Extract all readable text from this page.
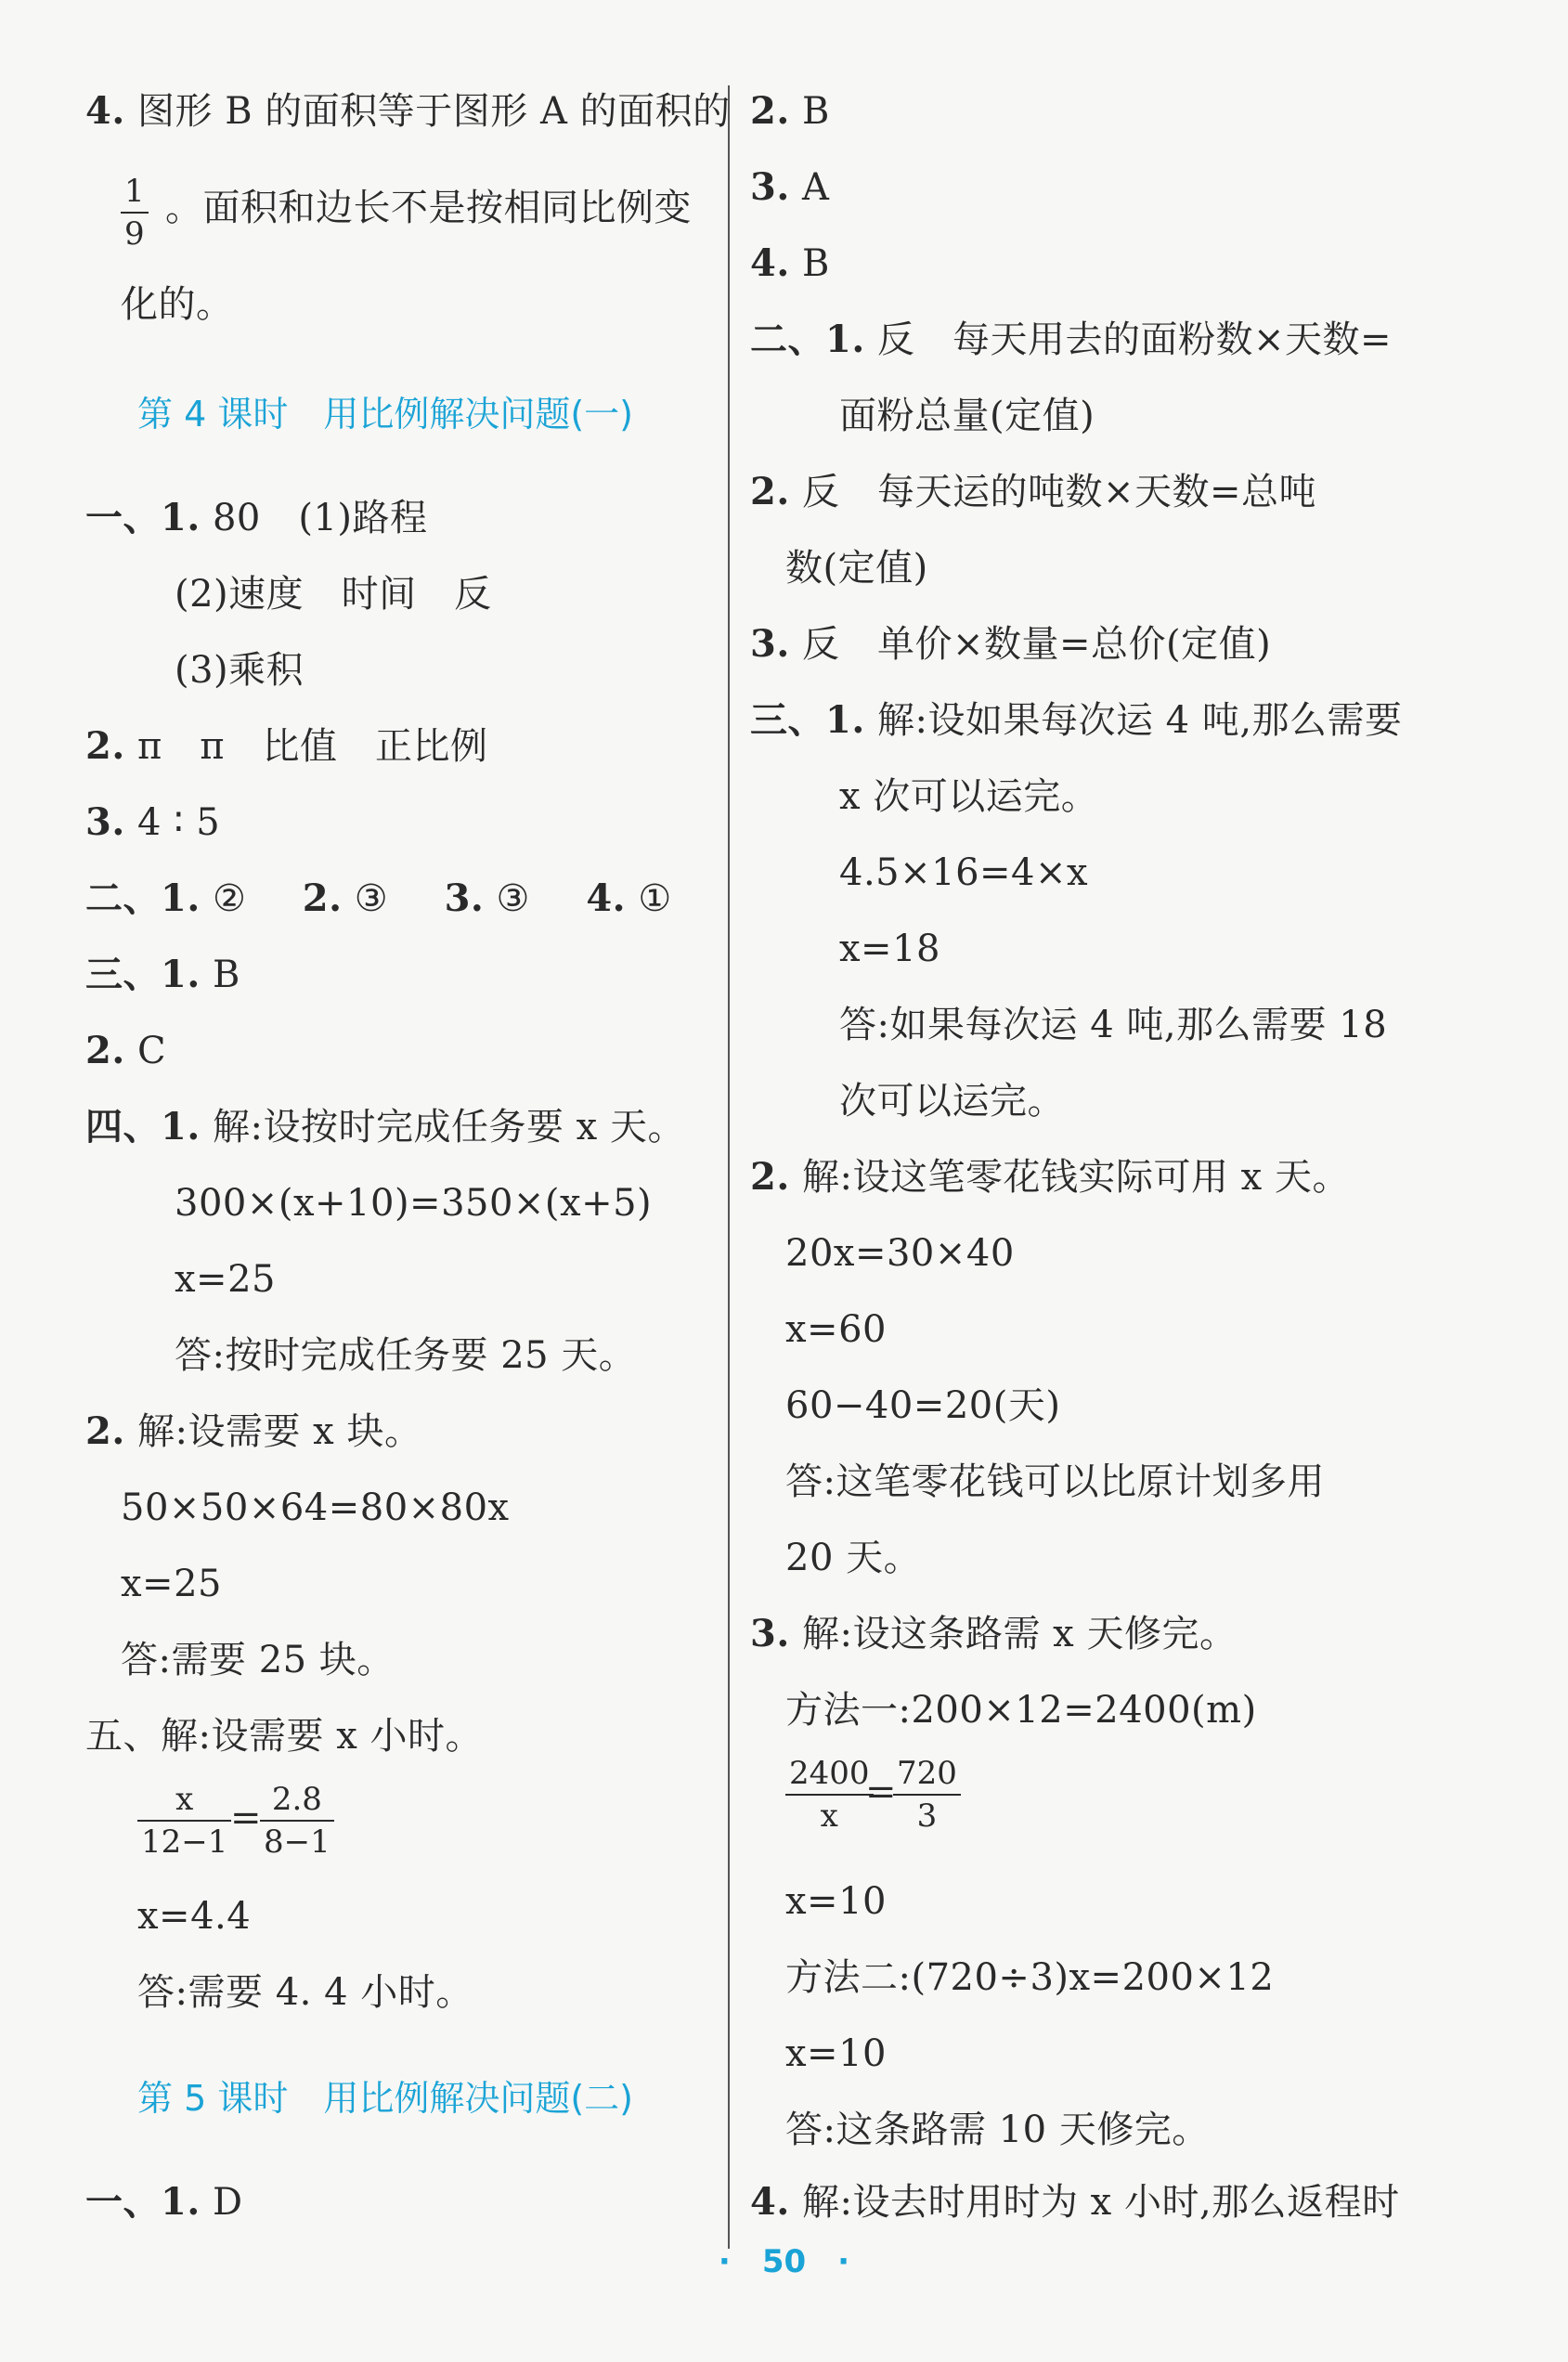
4. 图形 B 的面积等于图形 A 的面积的
1
9
。面积和边长不是按相同比例变
化的。
第 4 课时　用比例解决问题(一)
一、1. 80　(1)路程
(2)速度　时间　反
(3)乘积
2. π　π　比值　正比例
3. 4 ∶ 5
二、1. ② 2. ③ 3. ③ 4. ①
三、1. B
2. C
四、1. 解:设按时完成任务要 x 天。
300×(x+10)=350×(x+5)
x=25
答:按时完成任务要 25 天。
2. 解:设需要 x 块。
50×50×64=80×80x
x=25
答:需要 25 块。
五、解:设需要 x 小时。
x
12−1
= 2.8
8−1
x=4.4
答:需要 4. 4 小时。
第 5 课时　用比例解决问题(二)
一、1. D
2. B
3. A
4. B
二、1. 反　每天用去的面粉数×天数=
面粉总量(定值)
2. 反　每天运的吨数×天数=总吨
数(定值)
3. 反　单价×数量=总价(定值)
三、1. 解:设如果每次运 4 吨,那么需要
x 次可以运完。
4.5×16=4×x
x=18
答:如果每次运 4 吨,那么需要 18
次可以运完。
2. 解:设这笔零花钱实际可用 x 天。
20x=30×40
x=60
60−40=20(天)
答:这笔零花钱可以比原计划多用
20 天。
3. 解:设这条路需 x 天修完。
方法一:200×12=2400(m)
2400
x
= 720
3
x=10
方法二:(720÷3)x=200×12
x=10
答:这条路需 10 天修完。
4. 解:设去时用时为 x 小时,那么返程时
·　50　·
